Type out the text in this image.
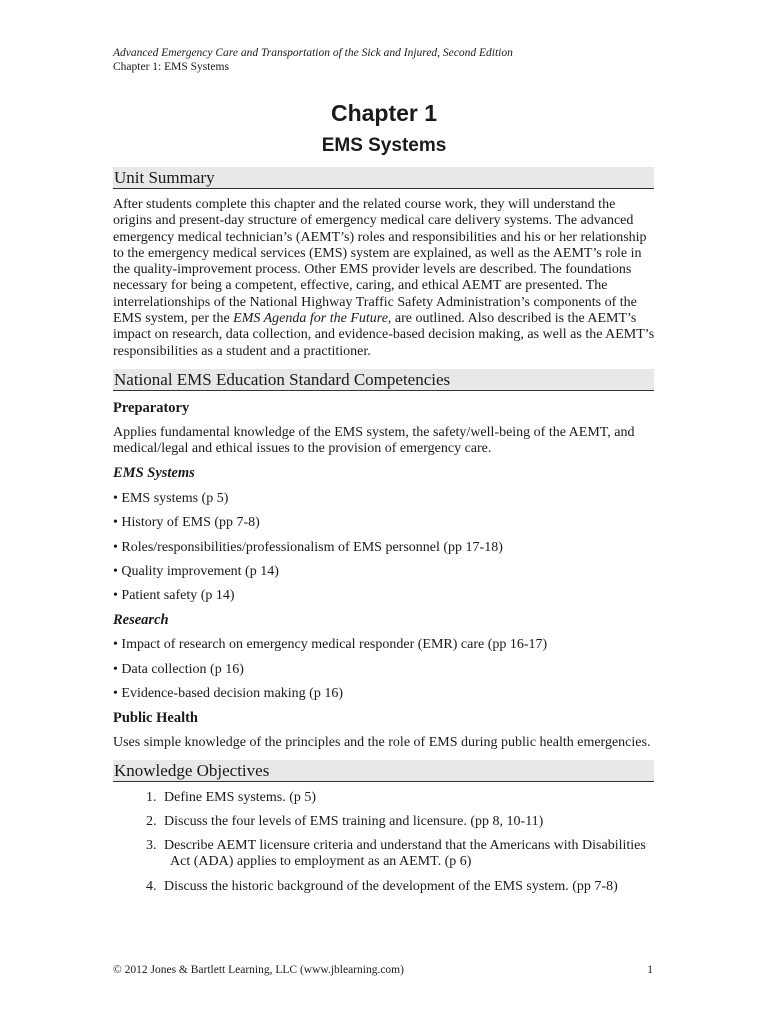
Advanced Emergency Care and Transportation of the Sick and Injured, Second Edition
Chapter 1: EMS Systems
Chapter 1
EMS Systems
Unit Summary
After students complete this chapter and the related course work, they will understand the origins and present-day structure of emergency medical care delivery systems. The advanced emergency medical technician’s (AEMT’s) roles and responsibilities and his or her relationship to the emergency medical services (EMS) system are explained, as well as the AEMT’s role in the quality-improvement process. Other EMS provider levels are described. The foundations necessary for being a competent, effective, caring, and ethical AEMT are presented. The interrelationships of the National Highway Traffic Safety Administration’s components of the EMS system, per the EMS Agenda for the Future, are outlined. Also described is the AEMT’s impact on research, data collection, and evidence-based decision making, as well as the AEMT’s responsibilities as a student and a practitioner.
National EMS Education Standard Competencies
Preparatory
Applies fundamental knowledge of the EMS system, the safety/well-being of the AEMT, and medical/legal and ethical issues to the provision of emergency care.
EMS Systems
• EMS systems (p 5)
• History of EMS (pp 7-8)
• Roles/responsibilities/professionalism of EMS personnel (pp 17-18)
• Quality improvement (p 14)
• Patient safety (p 14)
Research
• Impact of research on emergency medical responder (EMR) care (pp 16-17)
• Data collection (p 16)
• Evidence-based decision making (p 16)
Public Health
Uses simple knowledge of the principles and the role of EMS during public health emergencies.
Knowledge Objectives
1. Define EMS systems. (p 5)
2. Discuss the four levels of EMS training and licensure. (pp 8, 10-11)
3. Describe AEMT licensure criteria and understand that the Americans with Disabilities Act (ADA) applies to employment as an AEMT. (p 6)
4. Discuss the historic background of the development of the EMS system. (pp 7-8)
© 2012 Jones & Bartlett Learning, LLC (www.jblearning.com)	1
